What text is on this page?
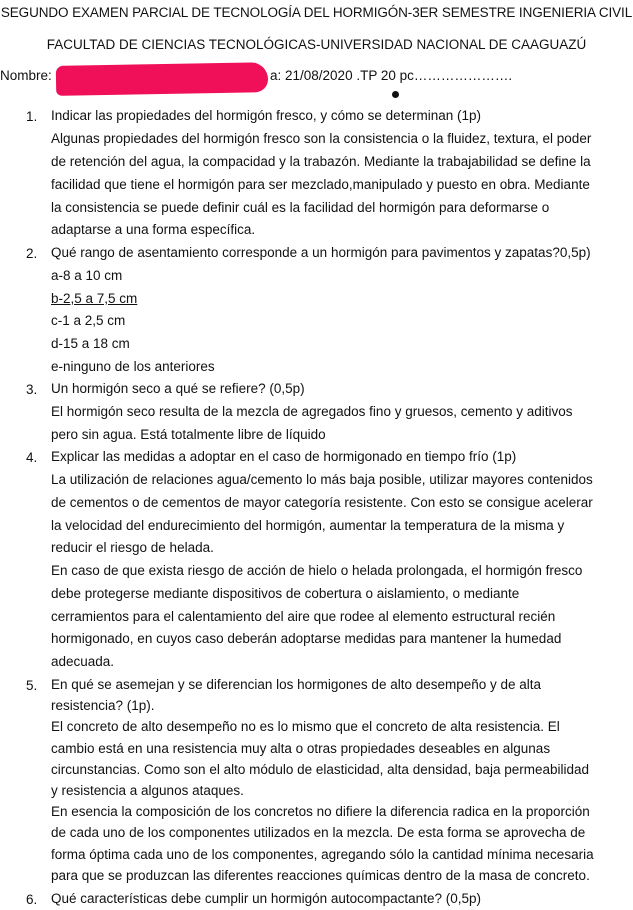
SEGUNDO EXAMEN PARCIAL DE TECNOLOGÍA DEL HORMIGÓN-3ER SEMESTRE INGENIERIA CIVIL
FACULTAD DE CIENCIAS TECNOLÓGICAS-UNIVERSIDAD NACIONAL DE CAAGUAZÚ
Nombre:	a: 21/08/2020 .TP 20 pc………………….
1. Indicar las propiedades del hormigón fresco, y cómo se determinan (1p)
Algunas propiedades del hormigón fresco son la consistencia o la fluidez, textura, el poder
de retención del agua, la compacidad y la trabazón. Mediante la trabajabilidad se define la
facilidad que tiene el hormigón para ser mezclado,manipulado y puesto en obra. Mediante
la consistencia se puede definir cuál es la facilidad del hormigón para deformarse o
adaptarse a una forma específica.
2. Qué rango de asentamiento corresponde a un hormigón para pavimentos y zapatas?0,5p)
a-8 a 10 cm
b-2,5 a 7,5 cm
c-1 a 2,5 cm
d-15 a 18 cm
e-ninguno de los anteriores
3. Un hormigón seco a qué se refiere? (0,5p)
El hormigón seco resulta de la mezcla de agregados fino y gruesos, cemento y aditivos
pero sin agua. Está totalmente libre de líquido
4. Explicar las medidas a adoptar en el caso de hormigonado en tiempo frío (1p)
La utilización de relaciones agua/cemento lo más baja posible, utilizar mayores contenidos
de cementos o de cementos de mayor categoría resistente. Con esto se consigue acelerar
la velocidad del endurecimiento del hormigón, aumentar la temperatura de la misma y
reducir el riesgo de helada.
En caso de que exista riesgo de acción de hielo o helada prolongada, el hormigón fresco
debe protegerse mediante dispositivos de cobertura o aislamiento, o mediante
cerramientos para el calentamiento del aire que rodee al elemento estructural recién
hormigonado, en cuyos caso deberán adoptarse medidas para mantener la humedad
adecuada.
5. En qué se asemejan y se diferencian los hormigones de alto desempeño y de alta
resistencia? (1p).
El concreto de alto desempeño no es lo mismo que el concreto de alta resistencia. El
cambio está en una resistencia muy alta o otras propiedades deseables en algunas
circunstancias. Como son el alto módulo de elasticidad, alta densidad, baja permeabilidad
y resistencia a algunos ataques.
En esencia la composición de los concretos no difiere la diferencia radica en la proporción
de cada uno de los componentes utilizados en la mezcla. De esta forma se aprovecha de
forma óptima cada uno de los componentes, agregando sólo la cantidad mínima necesaria
para que se produzcan las diferentes reacciones químicas dentro de la masa de concreto.
6. Qué características debe cumplir un hormigón autocompactante? (0,5p)
